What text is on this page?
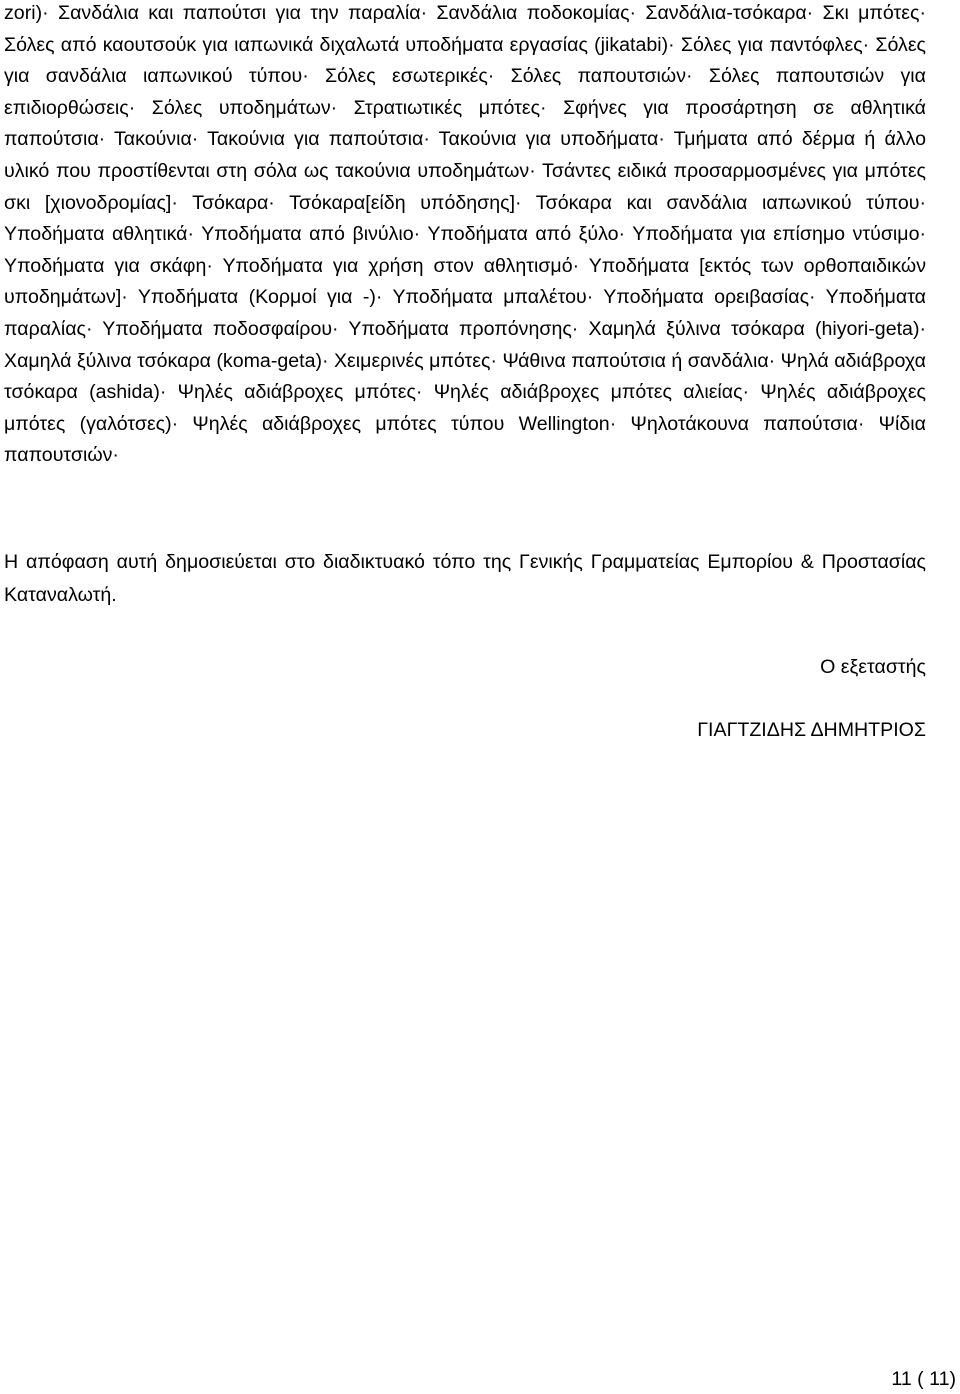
zori)· Σανδάλια και παπούτσι για την παραλία· Σανδάλια ποδοκομίας· Σανδάλια-τσόκαρα· Σκι μπότες· Σόλες από καουτσούκ για ιαπωνικά διχαλωτά υποδήματα εργασίας (jikatabi)· Σόλες για παντόφλες· Σόλες για σανδάλια ιαπωνικού τύπου· Σόλες εσωτερικές· Σόλες παπουτσιών· Σόλες παπουτσιών για επιδιορθώσεις· Σόλες υποδημάτων· Στρατιωτικές μπότες· Σφήνες για προσάρτηση σε αθλητικά παπούτσια· Τακούνια· Τακούνια για παπούτσια· Τακούνια για υποδήματα· Τμήματα από δέρμα ή άλλο υλικό που προστίθενται στη σόλα ως τακούνια υποδημάτων· Τσάντες ειδικά προσαρμοσμένες για μπότες σκι [χιονοδρομίας]· Τσόκαρα· Τσόκαρα[είδη υπόδησης]· Τσόκαρα και σανδάλια ιαπωνικού τύπου· Υποδήματα αθλητικά· Υποδήματα από βινύλιο· Υποδήματα από ξύλο· Υποδήματα για επίσημο ντύσιμο· Υποδήματα για σκάφη· Υποδήματα για χρήση στον αθλητισμό· Υποδήματα [εκτός των ορθοπαιδικών υποδημάτων]· Υποδήματα (Κορμοί για -)· Υποδήματα μπαλέτου· Υποδήματα ορειβασίας· Υποδήματα παραλίας· Υποδήματα ποδοσφαίρου· Υποδήματα προπόνησης· Χαμηλά ξύλινα τσόκαρα (hiyori-geta)· Χαμηλά ξύλινα τσόκαρα (koma-geta)· Χειμερινές μπότες· Ψάθινα παπούτσια ή σανδάλια· Ψηλά αδιάβροχα τσόκαρα (ashida)· Ψηλές αδιάβροχες μπότες· Ψηλές αδιάβροχες μπότες αλιείας· Ψηλές αδιάβροχες μπότες (γαλότσες)· Ψηλές αδιάβροχες μπότες τύπου Wellington· Ψηλοτάκουνα παπούτσια· Ψίδια παπουτσιών·

Η απόφαση αυτή δημοσιεύεται στο διαδικτυακό τόπο της Γενικής Γραμματείας Εμπορίου & Προστασίας Καταναλωτή.

Ο εξεταστής

ΓΙΑΓΤΖΙΔΗΣ ΔΗΜΗΤΡΙΟΣ

11 ( 11)
